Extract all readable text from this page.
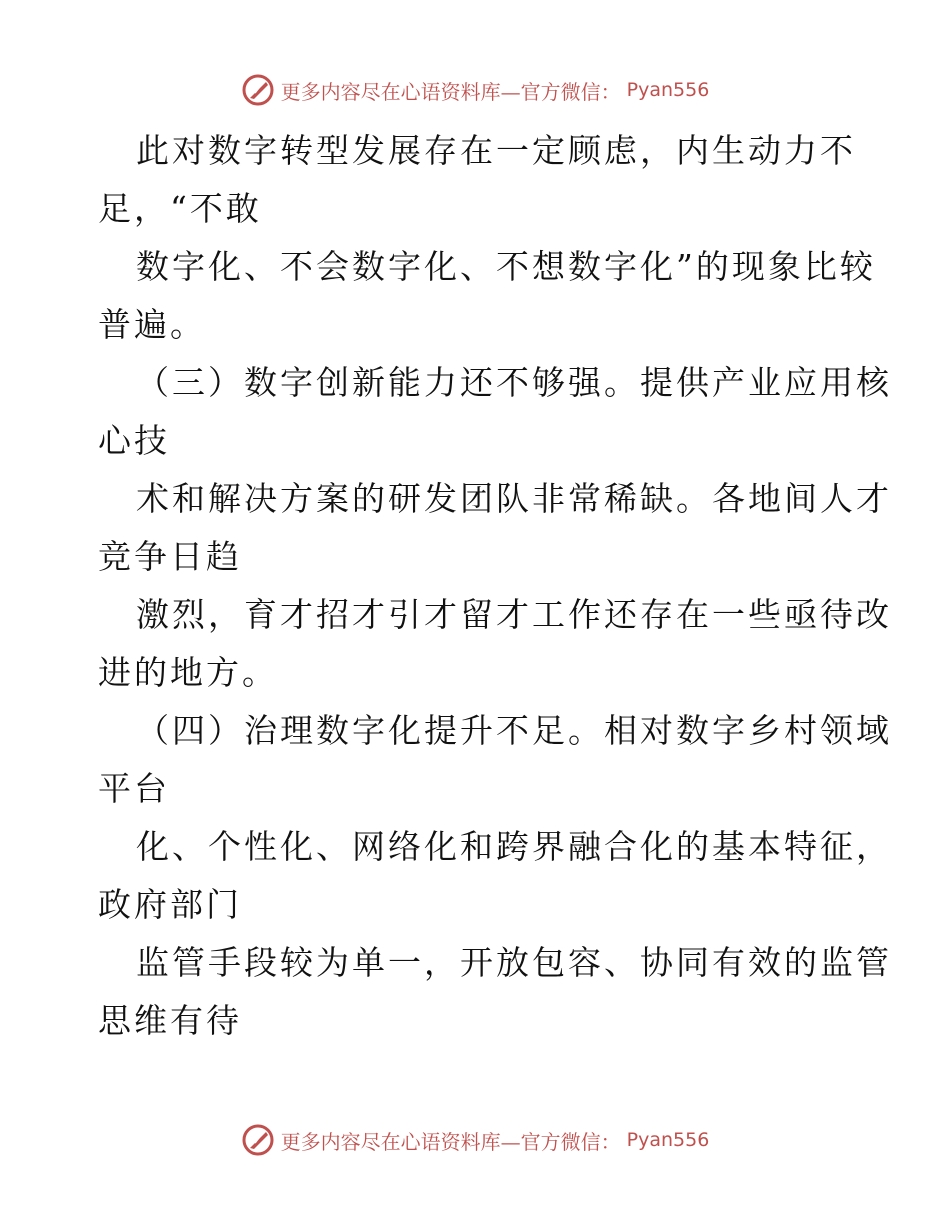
更多内容尽在心语资料库—官方微信： Pyan556
此对数字转型发展存在一定顾虑，内生动力不
足，“不敢
数字化、不会数字化、不想数字化”的现象比较
普遍。
（三）数字创新能力还不够强。提供产业应用核
心技
术和解决方案的研发团队非常稀缺。各地间人才
竞争日趋
激烈，育才招才引才留才工作还存在一些亟待改
进的地方。
（四）治理数字化提升不足。相对数字乡村领域
平台
化、个性化、网络化和跨界融合化的基本特征，
政府部门
监管手段较为单一，开放包容、协同有效的监管
思维有待
更多内容尽在心语资料库—官方微信： Pyan556
